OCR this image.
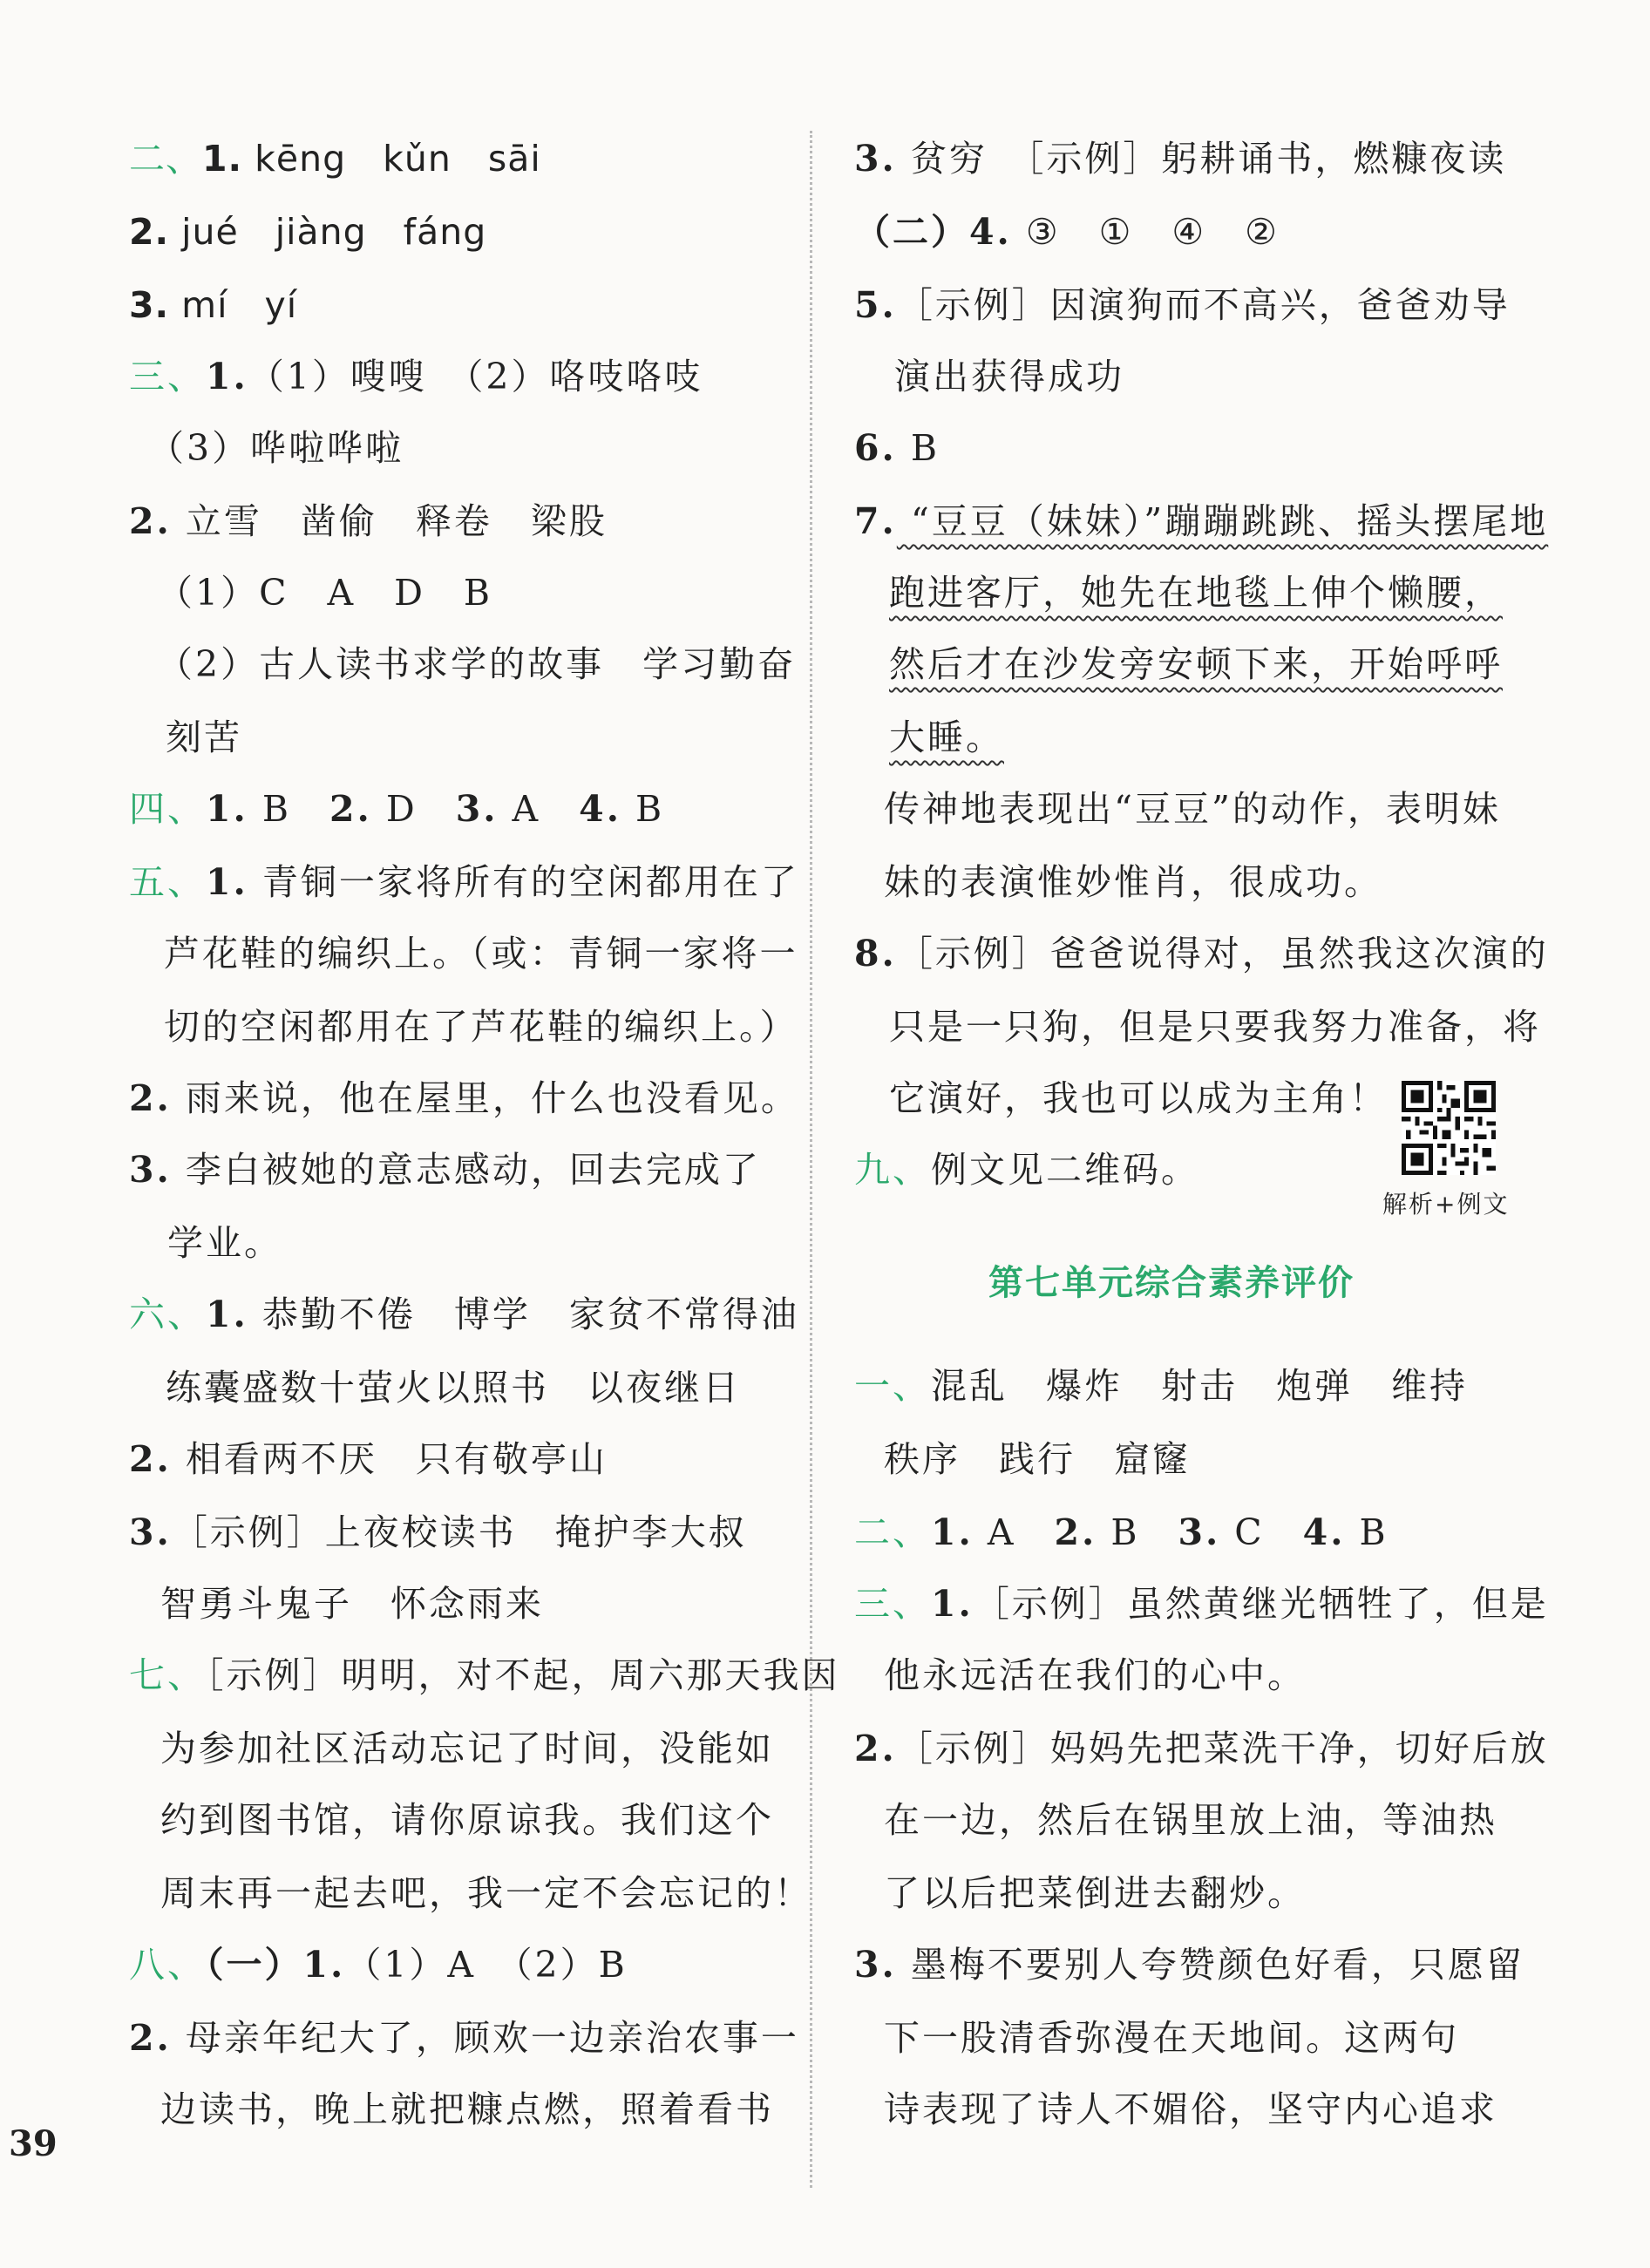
二、1. kēng　kǔn　sāi
2. jué　jiàng　fáng
3. mí　yí
三、1.（1）嗖嗖　（2）咯吱咯吱
（3）哗啦哗啦
2. 立雪　凿偷　释卷　梁股
（1）C　A　D　B
（2）古人读书求学的故事　学习勤奋
刻苦
四、1. B　2. D　3. A　4. B
五、1. 青铜一家将所有的空闲都用在了
芦花鞋的编织上。（或：青铜一家将一
切的空闲都用在了芦花鞋的编织上。）
2. 雨来说，他在屋里，什么也没看见。
3. 李白被她的意志感动，回去完成了
学业。
六、1. 恭勤不倦　博学　家贫不常得油
练囊盛数十萤火以照书　以夜继日
2. 相看两不厌　只有敬亭山
3.［示例］上夜校读书　掩护李大叔
智勇斗鬼子　怀念雨来
七、［示例］明明，对不起，周六那天我因
为参加社区活动忘记了时间，没能如
约到图书馆，请你原谅我。我们这个
周末再一起去吧，我一定不会忘记的！
八、（一）1.（1）A　（2）B
2. 母亲年纪大了，顾欢一边亲治农事一
边读书，晚上就把糠点燃，照着看书
3. 贫穷　［示例］躬耕诵书，燃糠夜读
（二）4. ③　①　④　②
5.［示例］因演狗而不高兴，爸爸劝导
演出获得成功
6. B
7. “豆豆（妹妹）”蹦蹦跳跳、摇头摆尾地
跑进客厅，她先在地毯上伸个懒腰，
然后才在沙发旁安顿下来，开始呼呼
大睡。
传神地表现出“豆豆”的动作，表明妹
妹的表演惟妙惟肖，很成功。
8.［示例］爸爸说得对，虽然我这次演的
只是一只狗，但是只要我努力准备，将
它演好，我也可以成为主角！
九、例文见二维码。
解析+例文
第七单元综合素养评价
一、混乱　爆炸　射击　炮弹　维持
秩序　践行　窟窿
二、1. A　2. B　3. C　4. B
三、1.［示例］虽然黄继光牺牲了，但是
他永远活在我们的心中。
2.［示例］妈妈先把菜洗干净，切好后放
在一边，然后在锅里放上油，等油热
了以后把菜倒进去翻炒。
3. 墨梅不要别人夸赞颜色好看，只愿留
下一股清香弥漫在天地间。这两句
诗表现了诗人不媚俗，坚守内心追求
39
